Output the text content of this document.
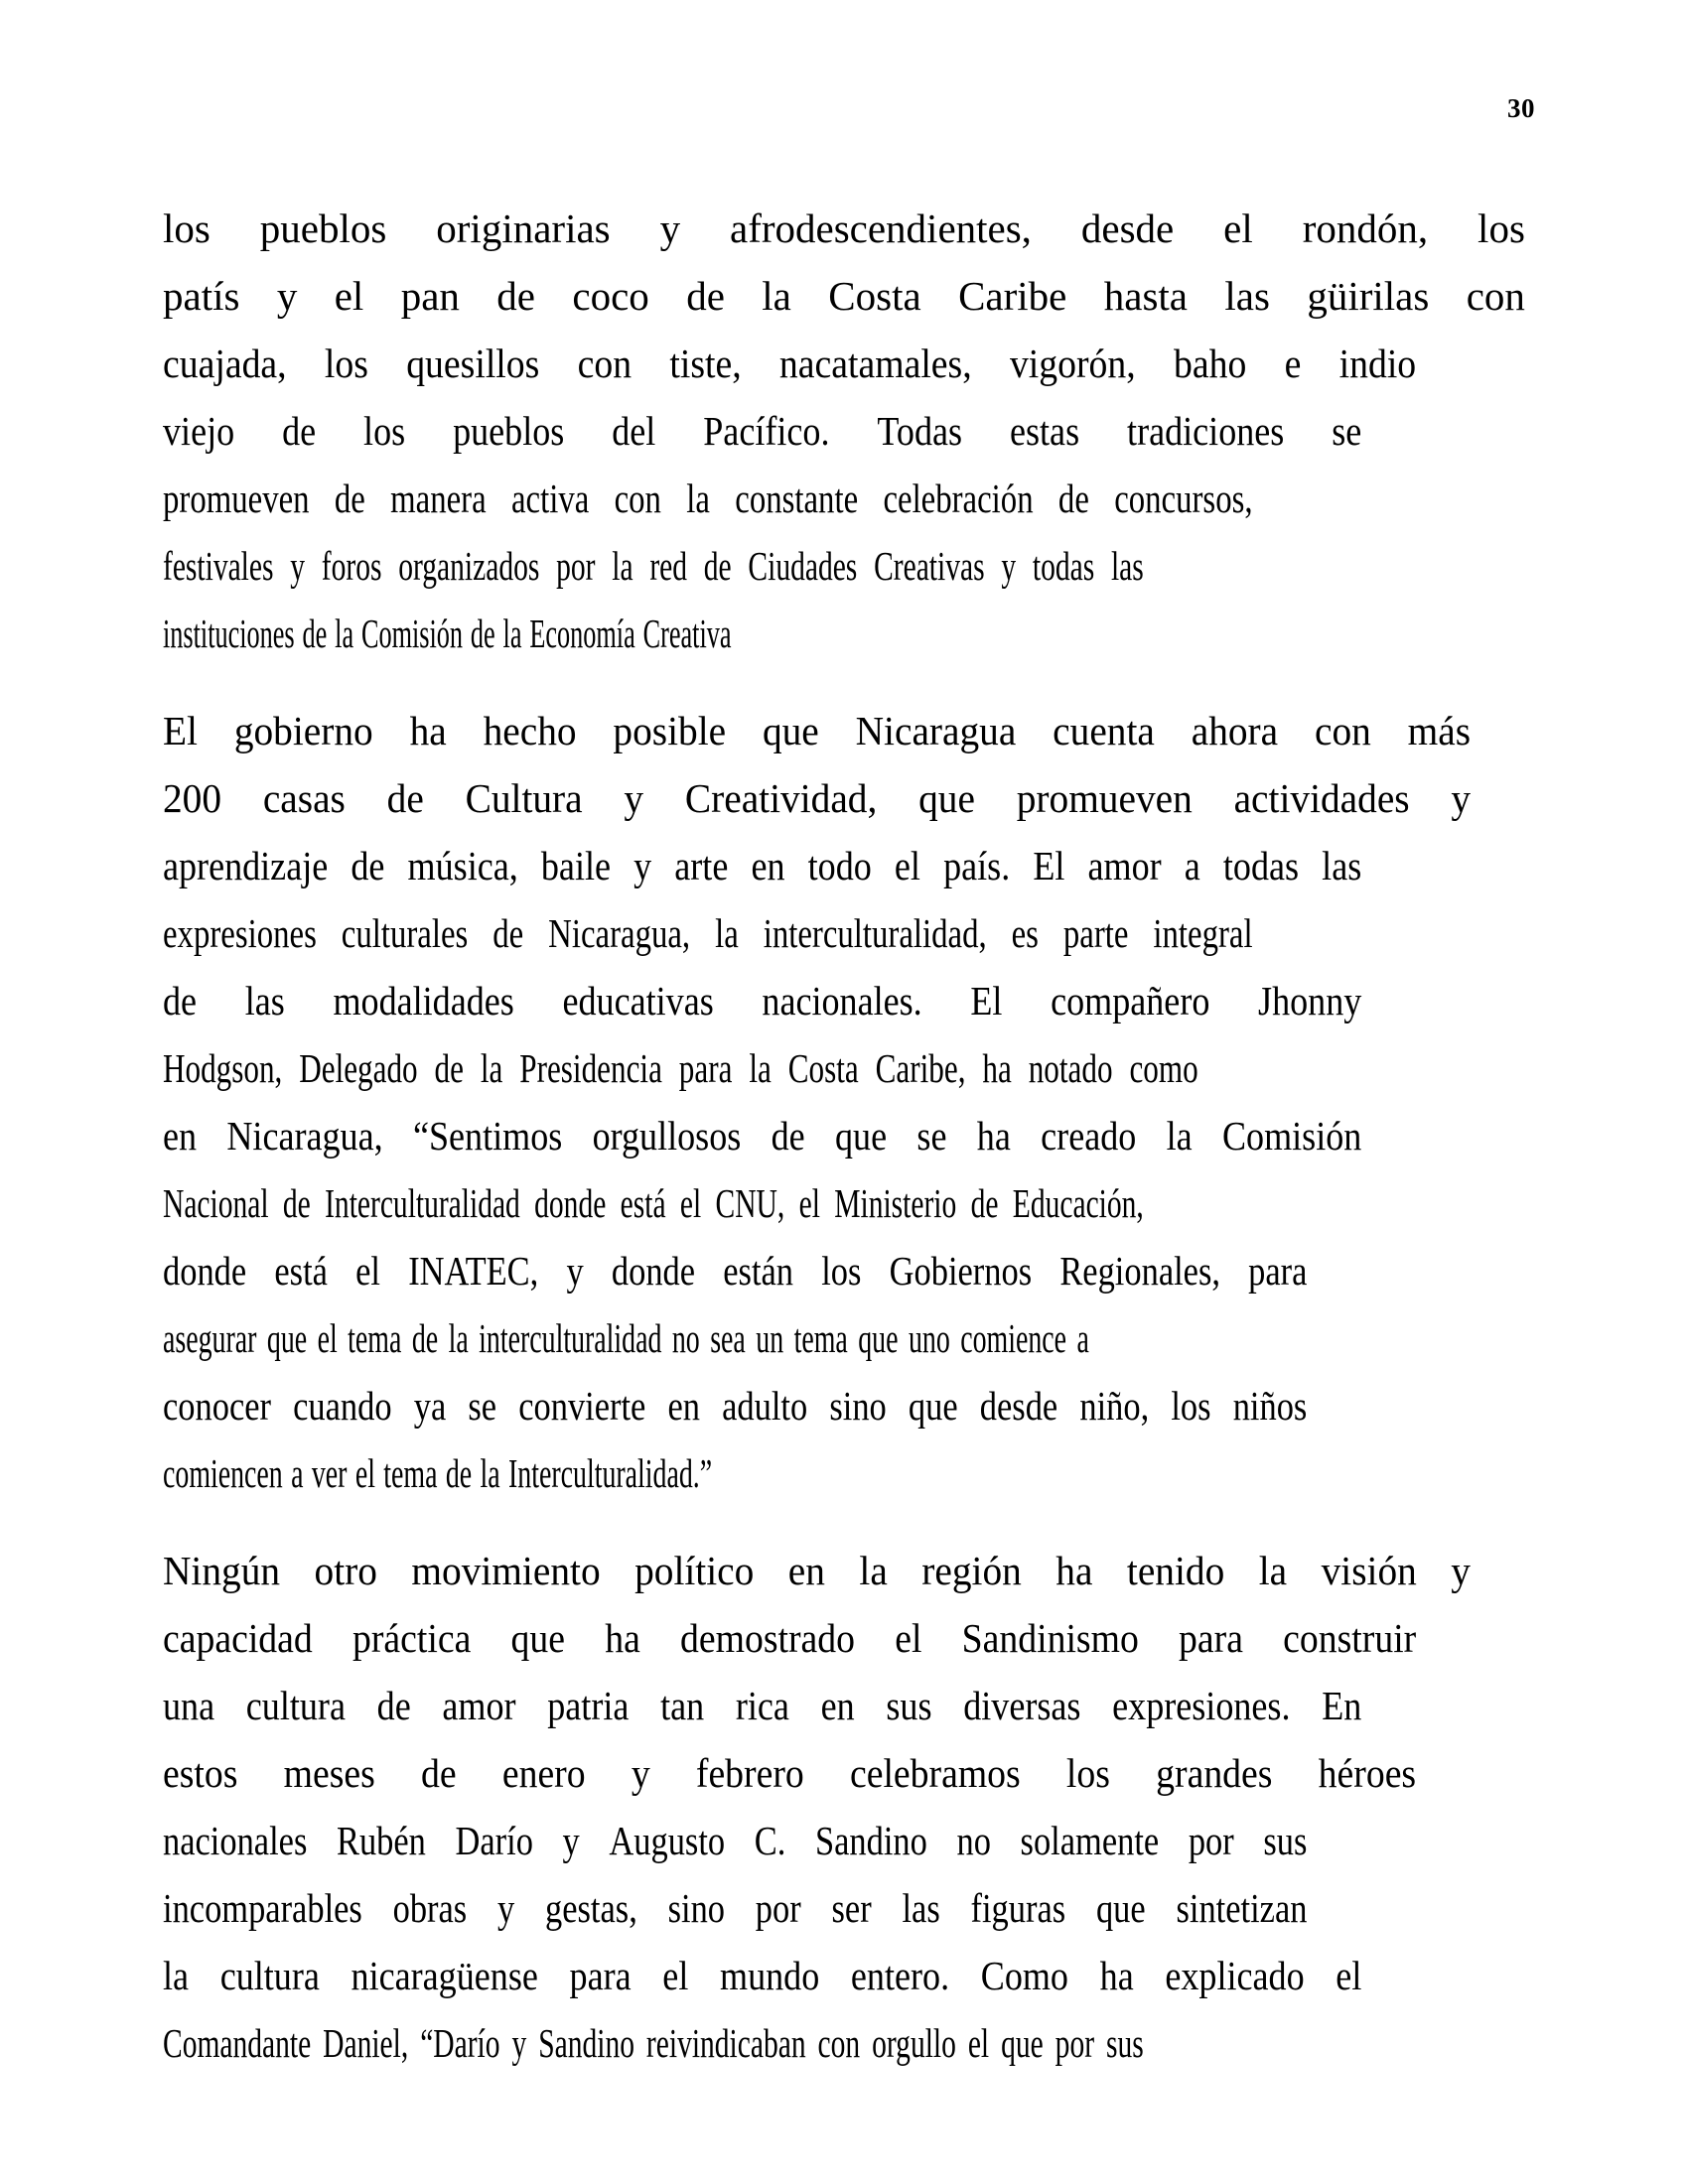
30

los pueblos originarias y afrodescendientes, desde el rondón, los
patís y el pan de coco de la Costa Caribe hasta las güirilas con
cuajada, los quesillos con tiste, nacatamales, vigorón, baho e indio
viejo de los pueblos del Pacífico. Todas estas tradiciones se
promueven de manera activa con la constante celebración de concursos,
festivales y foros organizados por la red de Ciudades Creativas y todas las
instituciones de la Comisión de la Economía Creativa

El gobierno ha hecho posible que Nicaragua cuenta ahora con más
200 casas de Cultura y Creatividad, que promueven actividades y
aprendizaje de música, baile y arte en todo el país. El amor a todas las
expresiones culturales de Nicaragua, la interculturalidad, es parte integral
de las modalidades educativas nacionales. El compañero Jhonny
Hodgson, Delegado de la Presidencia para la Costa Caribe, ha notado como
en Nicaragua, “Sentimos orgullosos de que se ha creado la Comisión
Nacional de Interculturalidad donde está el CNU, el Ministerio de Educación,
donde está el INATEC, y donde están los Gobiernos Regionales, para
asegurar que el tema de la interculturalidad no sea un tema que uno comience a
conocer cuando ya se convierte en adulto sino que desde niño, los niños
comiencen a ver el tema de la Interculturalidad.”

Ningún otro movimiento político en la región ha tenido la visión y
capacidad práctica que ha demostrado el Sandinismo para construir
una cultura de amor patria tan rica en sus diversas expresiones. En
estos meses de enero y febrero celebramos los grandes héroes
nacionales Rubén Darío y Augusto C. Sandino no solamente por sus
incomparables obras y gestas, sino por ser las figuras que sintetizan
la cultura nicaragüense para el mundo entero. Como ha explicado el
Comandante Daniel, “Darío y Sandino reivindicaban con orgullo el que por sus
